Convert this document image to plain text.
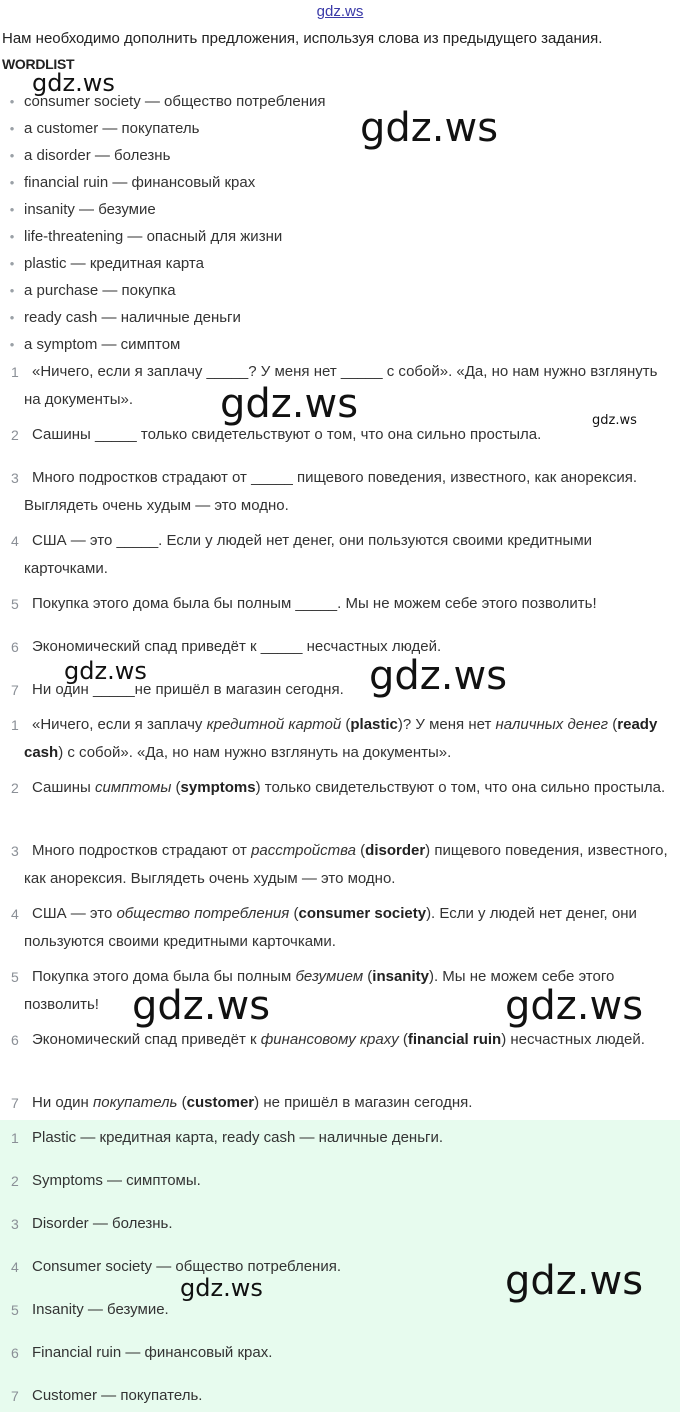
gdz.ws
Нам необходимо дополнить предложения, используя слова из предыдущего задания.
WORDLIST
• consumer society — общество потребления
• a customer — покупатель
• a disorder — болезнь
• financial ruin — финансовый крах
• insanity — безумие
• life-threatening — опасный для жизни
• plastic — кредитная карта
• a purchase — покупка
• ready cash — наличные деньги
• a symptom — симптом
1 «Ничего, если я заплачу _____? У меня нет _____ с собой». «Да, но нам нужно взглянуть на документы».
2 Сашины _____ только свидетельствуют о том, что она сильно простыла.
3 Много подростков страдают от _____ пищевого поведения, известного, как анорексия. Выглядеть очень худым — это модно.
4 США — это _____. Если у людей нет денег, они пользуются своими кредитными карточками.
5 Покупка этого дома была бы полным _____. Мы не можем себе этого позволить!
6 Экономический спад приведёт к _____ несчастных людей.
7 Ни один _____не пришёл в магазин сегодня.
1 «Ничего, если я заплачу кредитной картой (plastic)? У меня нет наличных денег (ready cash) с собой». «Да, но нам нужно взглянуть на документы».
2 Сашины симптомы (symptoms) только свидетельствуют о том, что она сильно простыла.
3 Много подростков страдают от расстройства (disorder) пищевого поведения, известного, как анорексия. Выглядеть очень худым — это модно.
4 США — это общество потребления (consumer society). Если у людей нет денег, они пользуются своими кредитными карточками.
5 Покупка этого дома была бы полным безумием (insanity). Мы не можем себе этого позволить!
6 Экономический спад приведёт к финансовому краху (financial ruin) несчастных людей.
7 Ни один покупатель (customer) не пришёл в магазин сегодня.
1 Plastic — кредитная карта, ready cash — наличные деньги.
2 Symptoms — симптомы.
3 Disorder — болезнь.
4 Consumer society — общество потребления.
5 Insanity — безумие.
6 Financial ruin — финансовый крах.
7 Customer — покупатель.
gdz.ws
gdz.ws
gdz.ws	gdz.ws
gdz.ws	gdz.ws
gdz.ws	gdz.ws
gdz.ws	gdz.ws
